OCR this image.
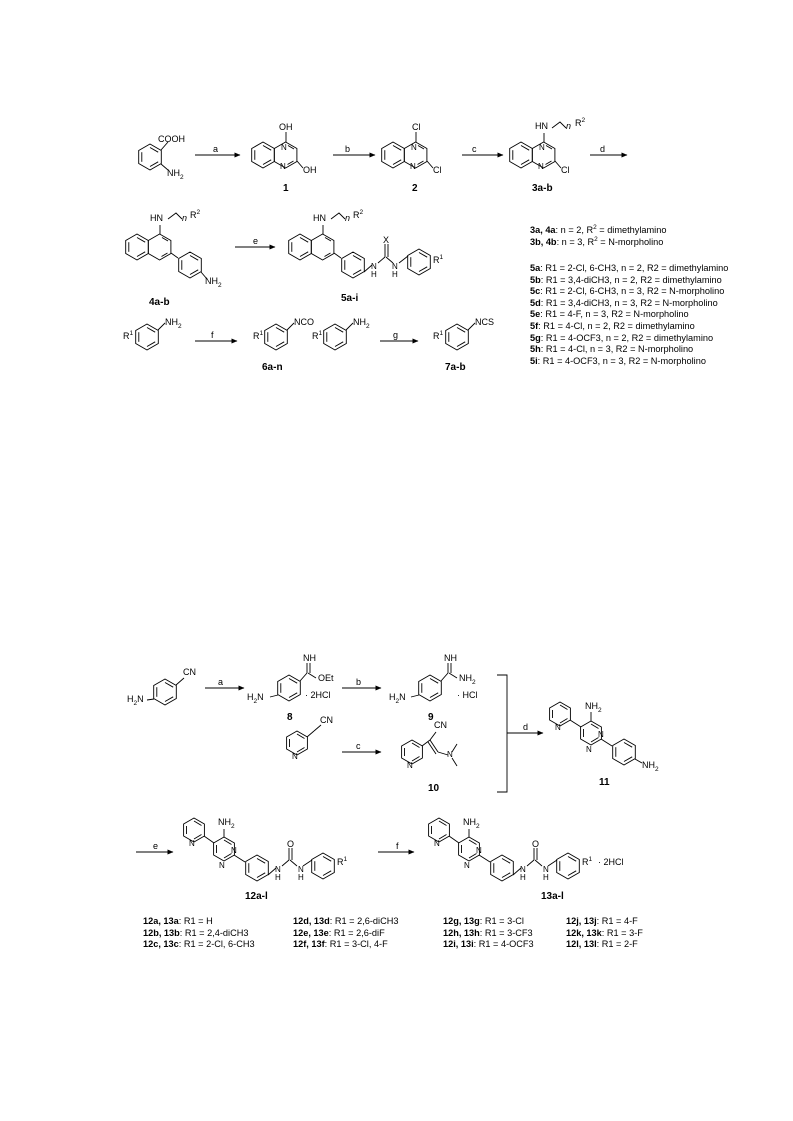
COOH
$NH_2$
a
OH
OH
N
N
1
b
Cl
Cl
N
N
2
c
HN n $R^2$
Cl
N
N
3a-b
d
HN n $R^2$
$NH_2$
4a-b
e
HN n $R^2$
X
N
H
N
H
$R^1$
5a-i
$NH_2$
$R^1$	f
NCO
$R^1$
6a-n
$NH_2$
$R^1$	g
NCS
$R^1$
7a-b
3a, 4a: n = 2, $R^2$ = dimethylamino
3b, 4b: n = 3, $R^2$ = N-morpholino
5a: R1 = 2-Cl, 6-CH3, n = 2, R2 = dimethylamino
5b: R1 = 3,4-diCH3, n = 2, R2 = dimethylamino
5c: R1 = 2-Cl, 6-CH3, n = 3, R2 = N-morpholino
5d: R1 = 3,4-diCH3, n = 3, R2 = N-morpholino
5e: R1 = 4-F, n = 3, R2 = N-morpholino
5f: R1 = 4-Cl, n = 2, R2 = dimethylamino
5g: R1 = 4-OCF3, n = 2, R2 = dimethylamino
5h: R1 = 4-Cl, n = 3, R2 = N-morpholino
5i: R1 = 4-OCF3, n = 3, R2 = N-morpholino
CN
$H_2N$
a
NH
OEt
$H_2N$	· 2HCl
8
b
NH
$NH_2$
$H_2N$	· HCl
9
d
CN
N
c
CN
N
N
10
$NH_2$
N
N
N
$NH_2$
11
e
$NH_2$
N
N
N
O
N
H
N
H
$R^1$
12a-l
f
$NH_2$
N
N
N
O
N
H
N
H
$R^1 \cdot 2HCl$
13a-l
12a, 13a: R1 = H
12b, 13b: R1 = 2,4-diCH3
12c, 13c: R1 = 2-Cl, 6-CH3
12d, 13d: R1 = 2,6-diCH3
12e, 13e: R1 = 2,6-diF
12f, 13f: R1 = 3-Cl, 4-F
12g, 13g: R1 = 3-Cl
12h, 13h: R1 = 3-CF3
12i, 13i: R1 = 4-OCF3
12j, 13j: R1 = 4-F
12k, 13k: R1 = 3-F
12l, 13l: R1 = 2-F
